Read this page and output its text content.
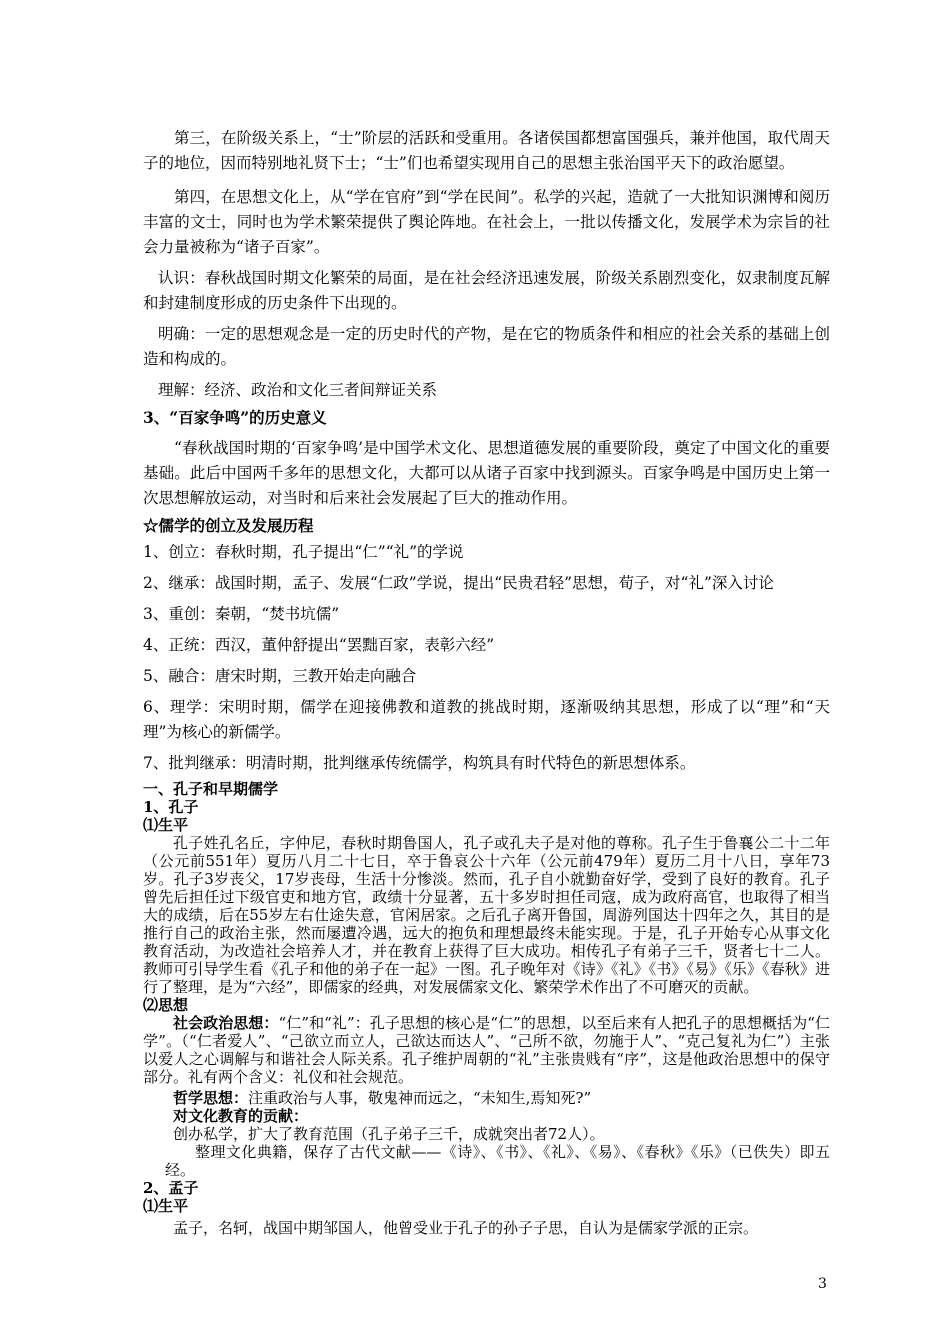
第三，在阶级关系上，“士”阶层的活跃和受重用。各诸侯国都想富国强兵，兼并他国，取代周天子的地位，因而特别地礼贤下士；“士”们也希望实现用自己的思想主张治国平天下的政治愿望。

第四，在思想文化上，从“学在官府”到“学在民间”。私学的兴起，造就了一大批知识渊博和阅历丰富的文士，同时也为学术繁荣提供了舆论阵地。在社会上，一批以传播文化，发展学术为宗旨的社会力量被称为“诸子百家”。

认识：春秋战国时期文化繁荣的局面，是在社会经济迅速发展，阶级关系剧烈变化，奴隶制度瓦解和封建制度形成的历史条件下出现的。

明确：一定的思想观念是一定的历史时代的产物，是在它的物质条件和相应的社会关系的基础上创造和构成的。

理解：经济、政治和文化三者间辩证关系

3、“百家争鸣”的历史意义

“春秋战国时期的‘百家争鸣’是中国学术文化、思想道德发展的重要阶段，奠定了中国文化的重要基础。此后中国两千多年的思想文化，大都可以从诸子百家中找到源头。百家争鸣是中国历史上第一次思想解放运动，对当时和后来社会发展起了巨大的推动作用。

☆儒学的创立及发展历程

1、创立：春秋时期，孔子提出“仁”“礼”的学说

2、继承：战国时期，孟子、发展“仁政”学说，提出“民贵君轻”思想，荀子，对“礼”深入讨论

3、重创：秦朝，“焚书坑儒”

4、正统：西汉，董仲舒提出“罢黜百家，表彰六经”

5、融合：唐宋时期，三教开始走向融合

6、理学：宋明时期，儒学在迎接佛教和道教的挑战时期，逐渐吸纳其思想，形成了以“理”和“天理”为核心的新儒学。

7、批判继承：明清时期，批判继承传统儒学，构筑具有时代特色的新思想体系。

一、孔子和早期儒学

1、孔子

⑴生平

孔子姓孔名丘，字仲尼，春秋时期鲁国人，孔子或孔夫子是对他的尊称。孔子生于鲁襄公二十二年（公元前551年）夏历八月二十七日，卒于鲁哀公十六年（公元前479年）夏历二月十八日，享年73岁。孔子3岁丧父，17岁丧母，生活十分惨淡。然而，孔子自小就勤奋好学，受到了良好的教育。孔子曾先后担任过下级官吏和地方官，政绩十分显著，五十多岁时担任司寇，成为政府高官，也取得了相当大的成绩，后在55岁左右仕途失意，官闲居家。之后孔子离开鲁国，周游列国达十四年之久，其目的是推行自己的政治主张，然而屡遭冷遇，远大的抱负和理想最终未能实现。于是，孔子开始专心从事文化教育活动，为改造社会培养人才，并在教育上获得了巨大成功。相传孔子有弟子三千，贤者七十二人。教师可引导学生看《孔子和他的弟子在一起》一图。孔子晚年对《诗》《礼》《书》《易》《乐》《春秋》进行了整理，是为“六经”，即儒家的经典，对发展儒家文化、繁荣学术作出了不可磨灭的贡献。

⑵思想

社会政治思想：“仁”和“礼”：孔子思想的核心是“仁”的思想，以至后来有人把孔子的思想概括为“仁学”。（“仁者爱人”、“己欲立而立人，己欲达而达人”、“己所不欲，勿施于人”、“克己复礼为仁”）主张以爱人之心调解与和谐社会人际关系。孔子维护周朝的“礼”主张贵贱有“序”，这是他政治思想中的保守部分。礼有两个含义：礼仪和社会规范。

哲学思想：注重政治与人事，敬鬼神而远之，“未知生,焉知死?”

对文化教育的贡献：

创办私学，扩大了教育范围（孔子弟子三千，成就突出者72人）。

整理文化典籍，保存了古代文献——《诗》、《书》、《礼》、《易》、《春秋》《乐》（已佚失）即五经。

2、孟子

⑴生平

孟子，名轲，战国中期邹国人，他曾受业于孔子的孙子子思，自认为是儒家学派的正宗。

3
